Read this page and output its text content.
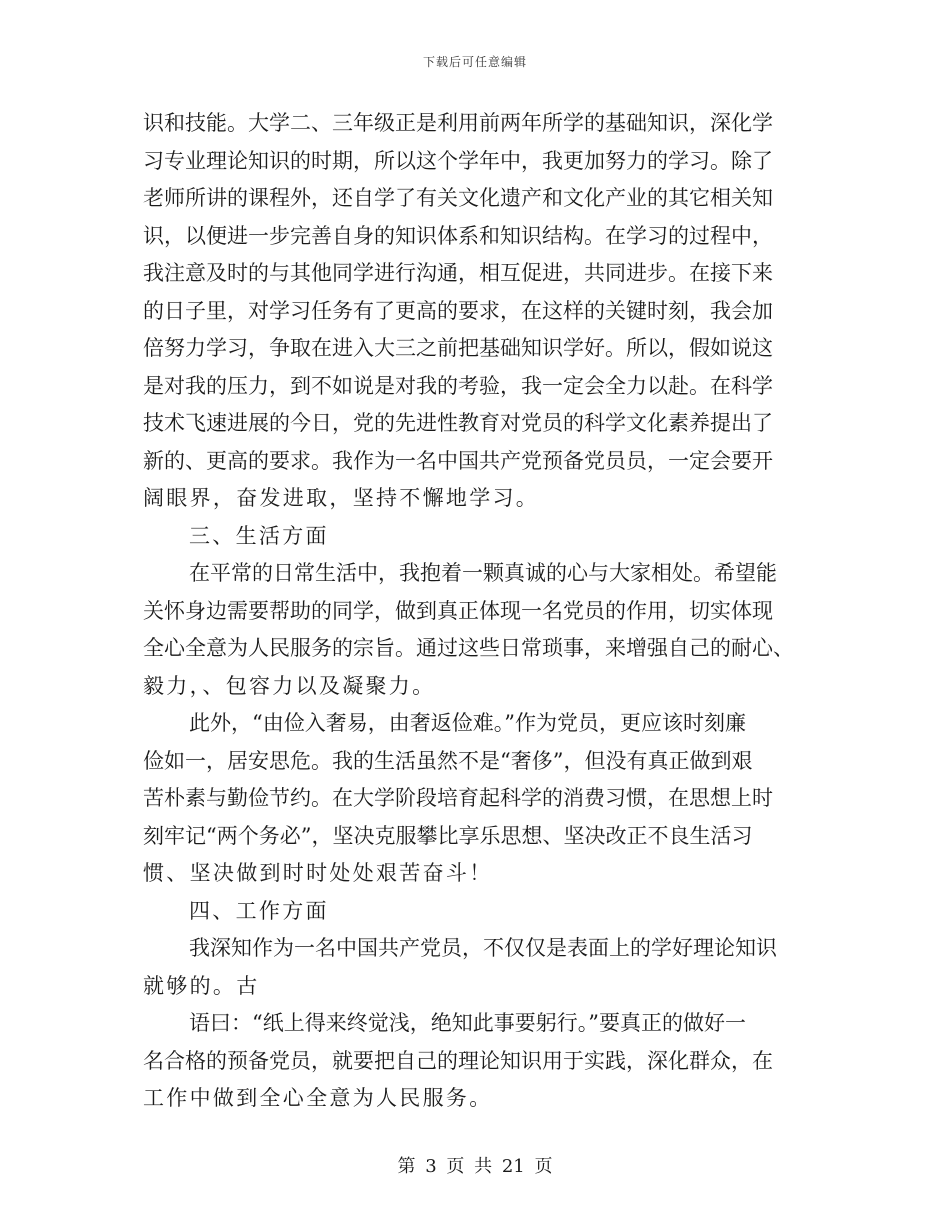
下载后可任意编辑
识和技能。大学二、三年级正是利用前两年所学的基础知识，深化学
习专业理论知识的时期，所以这个学年中，我更加努力的学习。除了
老师所讲的课程外，还自学了有关文化遗产和文化产业的其它相关知
识，以便进一步完善自身的知识体系和知识结构。在学习的过程中，
我注意及时的与其他同学进行沟通，相互促进，共同进步。在接下来
的日子里，对学习任务有了更高的要求，在这样的关键时刻，我会加
倍努力学习，争取在进入大三之前把基础知识学好。所以，假如说这
是对我的压力，到不如说是对我的考验，我一定会全力以赴。在科学
技术飞速进展的今日，党的先进性教育对党员的科学文化素养提出了
新的、更高的要求。我作为一名中国共产党预备党员员，一定会要开
阔眼界，奋发进取，坚持不懈地学习。
三、生活方面
在平常的日常生活中，我抱着一颗真诚的心与大家相处。希望能
关怀身边需要帮助的同学，做到真正体现一名党员的作用，切实体现
全心全意为人民服务的宗旨。通过这些日常琐事，来增强自己的耐心、
毅力，、包容力以及凝聚力。
此外，“由俭入奢易，由奢返俭难。”作为党员，更应该时刻廉
俭如一，居安思危。我的生活虽然不是“奢侈”，但没有真正做到艰
苦朴素与勤俭节约。在大学阶段培育起科学的消费习惯，在思想上时
刻牢记“两个务必”，坚决克服攀比享乐思想、坚决改正不良生活习
惯、坚决做到时时处处艰苦奋斗！
四、工作方面
我深知作为一名中国共产党员，不仅仅是表面上的学好理论知识
就够的。古
语曰：“纸上得来终觉浅，绝知此事要躬行。”要真正的做好一
名合格的预备党员，就要把自己的理论知识用于实践，深化群众，在
工作中做到全心全意为人民服务。
第 3 页 共 21 页
